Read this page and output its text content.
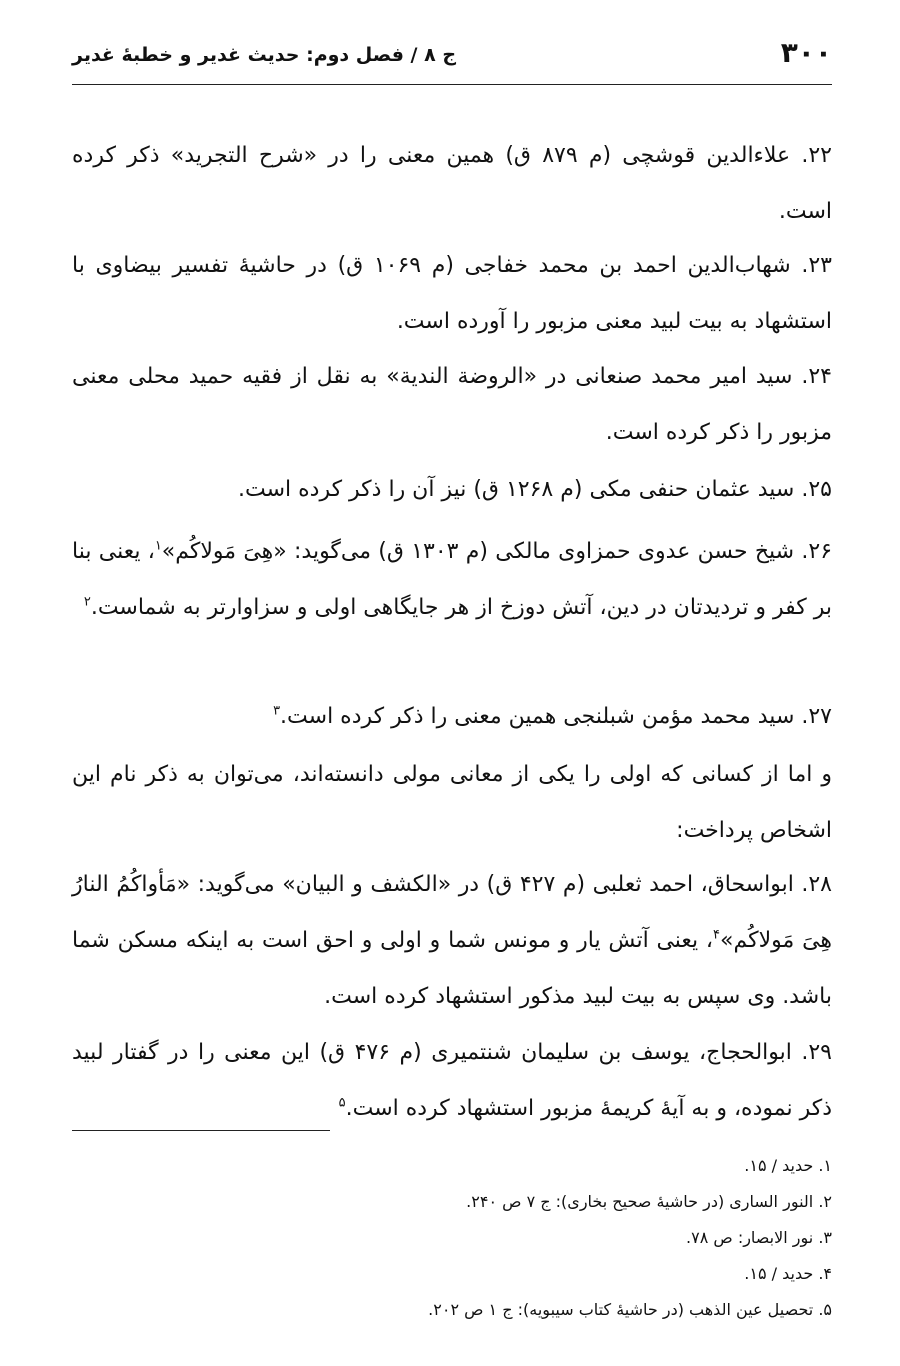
۳۰۰
ج ۸ / فصل دوم: حدیث غدیر و خطبهٔ غدیر

۲۲. علاءالدین قوشچی (م ۸۷۹ ق) همین معنی را در «شرح التجرید» ذکر کرده است.

۲۳. شهاب‌الدین احمد بن محمد خفاجی (م ۱۰۶۹ ق) در حاشیهٔ تفسیر بیضاوی با استشهاد به بیت لبید معنی مزبور را آورده است.

۲۴. سید امیر محمد صنعانی در «الروضة الندیة» به نقل از فقیه حمید محلی معنی مزبور را ذکر کرده است.

۲۵. سید عثمان حنفی مکی (م ۱۲۶۸ ق) نیز آن را ذکر کرده است.

۲۶. شیخ حسن عدوی حمزاوی مالکی (م ۱۳۰۳ ق) می‌گوید: «هِیَ مَولاکُم»$^۱$، یعنی بنا بر کفر و تردیدتان در دین، آتش دوزخ از هر جایگاهی اولی و سزاوارتر به شماست.$^۲$

۲۷. سید محمد مؤمن شبلنجی همین معنی را ذکر کرده است.$^۳$

و اما از کسانی که اولی را یکی از معانی مولی دانسته‌اند، می‌توان به ذکر نام این اشخاص پرداخت:

۲۸. ابواسحاق، احمد ثعلبی (م ۴۲۷ ق) در «الکشف و البیان» می‌گوید: «مَأواکُمُ النارُ هِیَ مَولاکُم»$^۴$، یعنی آتش یار و مونس شما و اولی و احق است به اینکه مسکن شما باشد. وی سپس به بیت لبید مذکور استشهاد کرده است.

۲۹. ابوالحجاج، یوسف بن سلیمان شنتمیری (م ۴۷۶ ق) این معنی را در گفتار لبید ذکر نموده، و به آیهٔ کریمهٔ مزبور استشهاد کرده است.$^۵$

۱. حدید / ۱۵.
۲. النور الساری (در حاشیهٔ صحیح بخاری): ج ۷ ص ۲۴۰.
۳. نور الابصار: ص ۷۸.
۴. حدید / ۱۵.
۵. تحصیل عین الذهب (در حاشیهٔ کتاب سیبویه): ج ۱ ص ۲۰۲.
